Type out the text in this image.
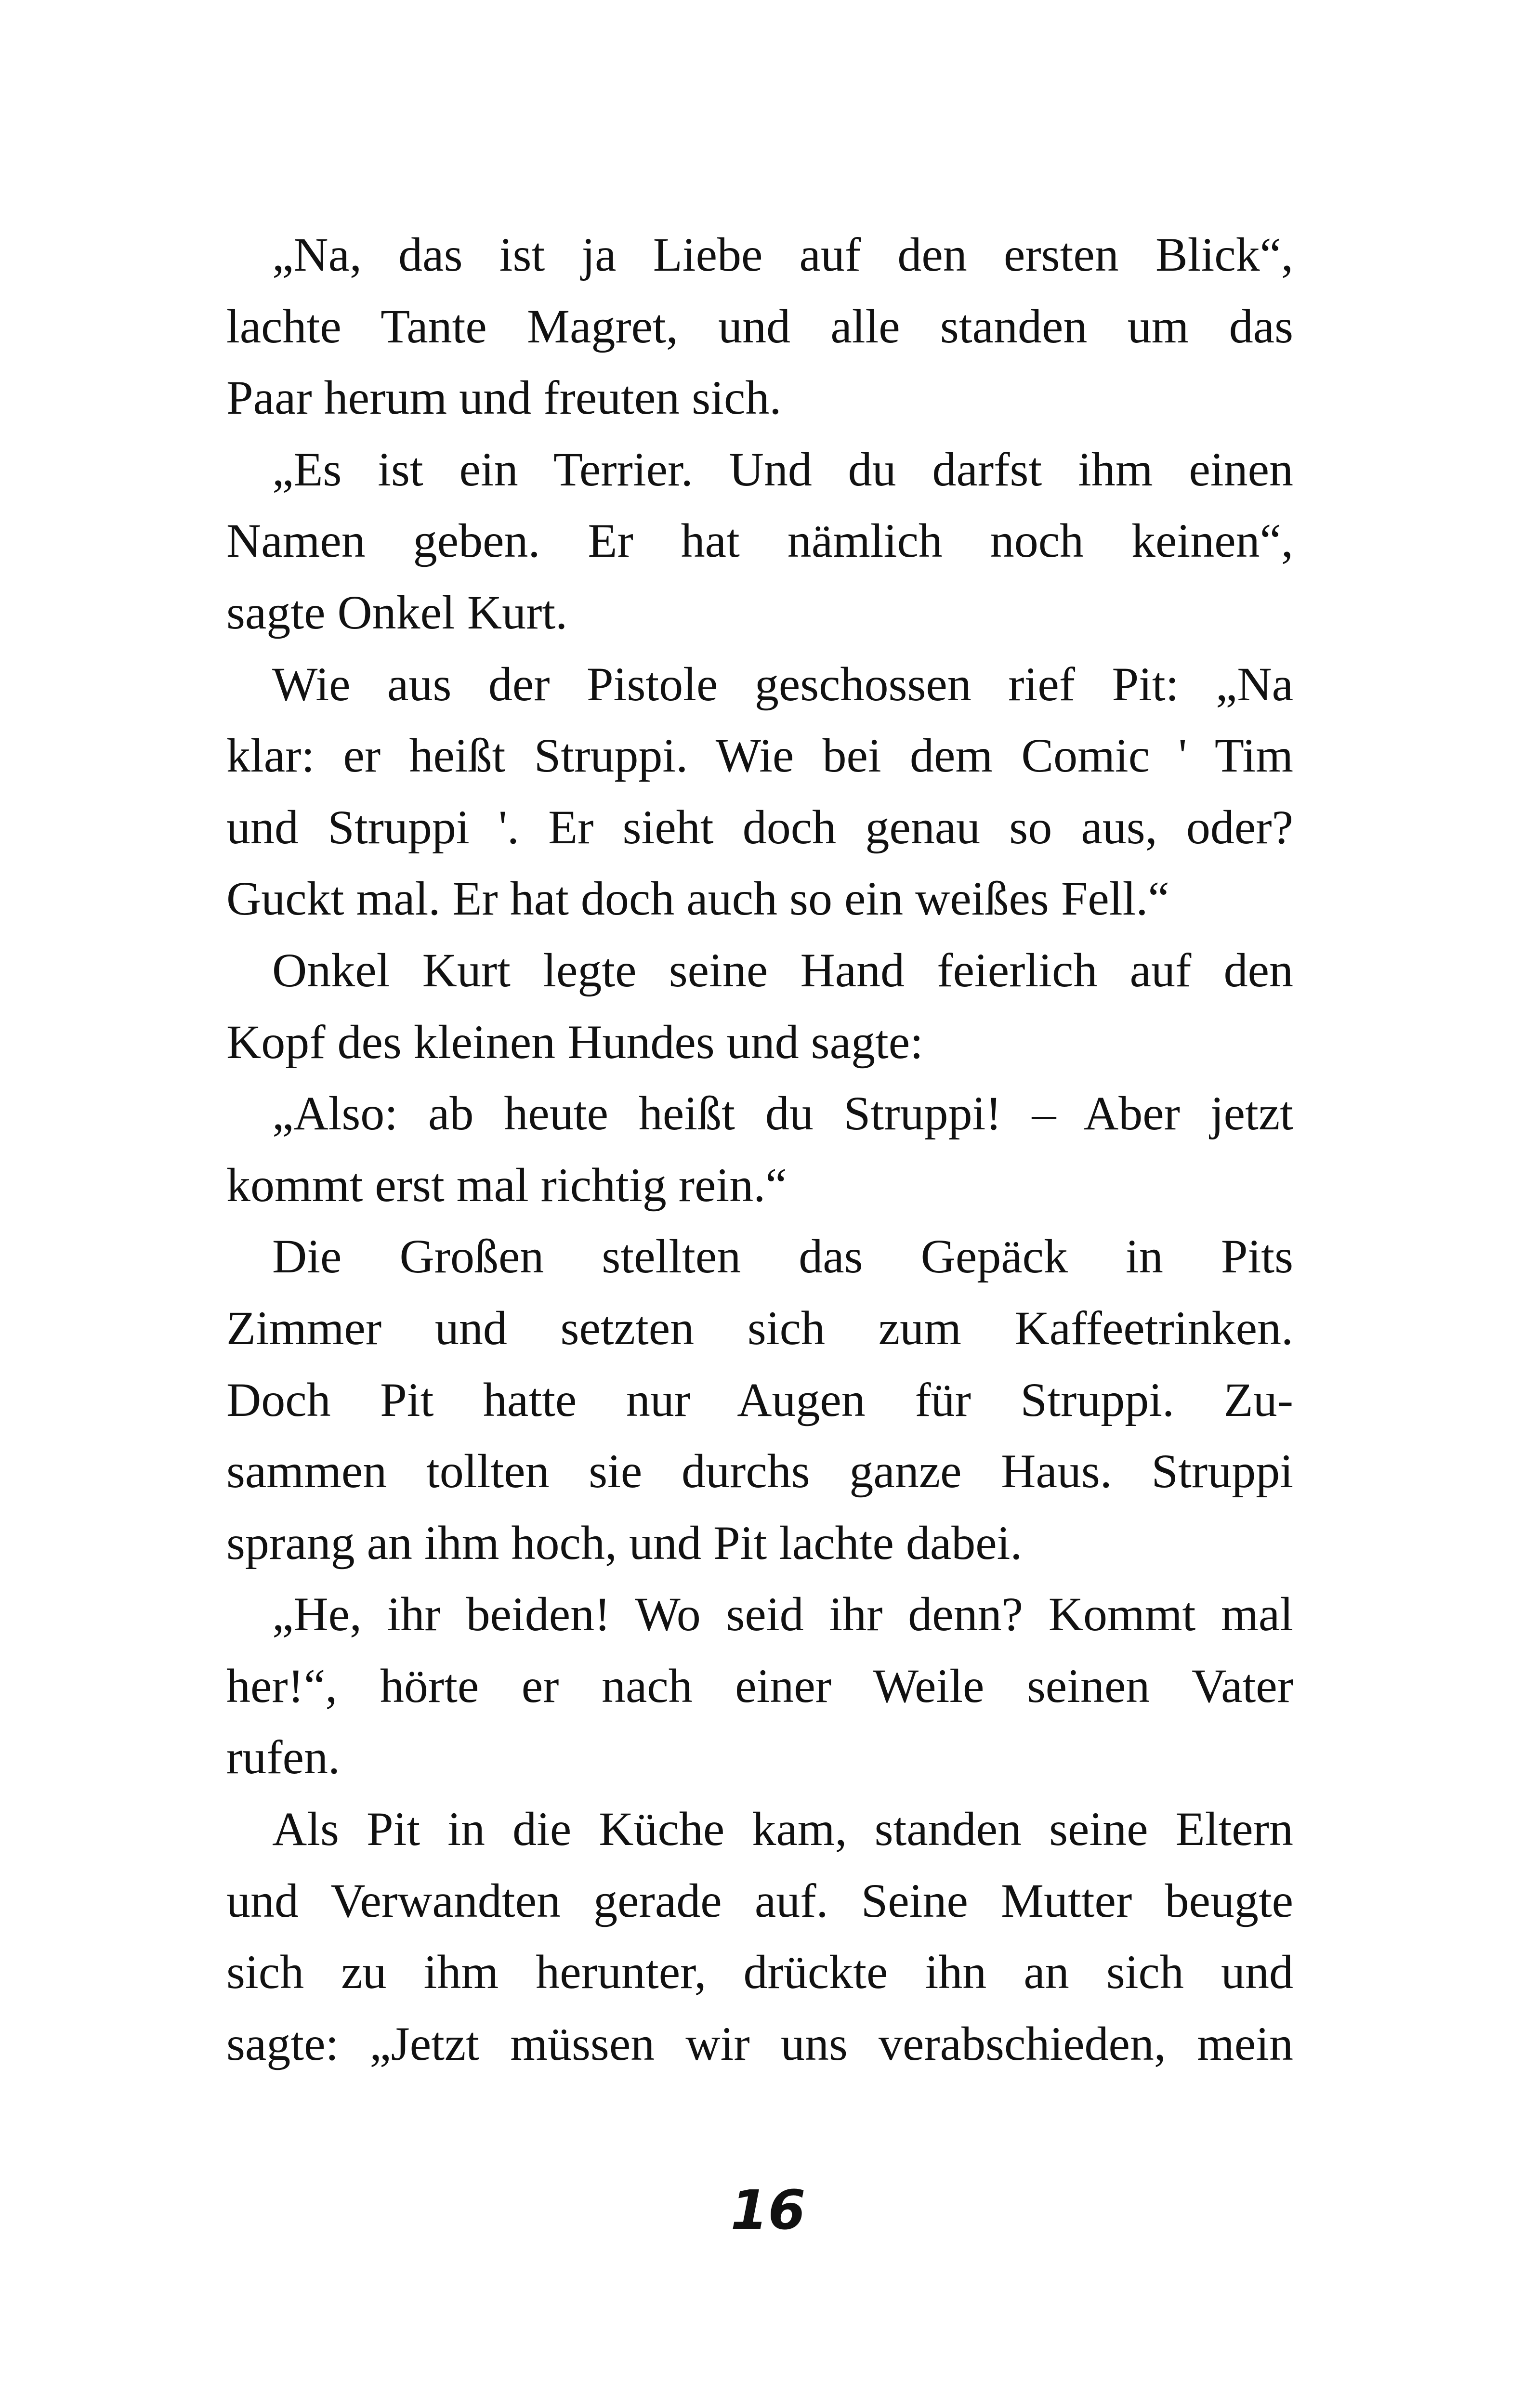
„Na, das ist ja Liebe auf den ersten Blick“,
lachte Tante Magret, und alle standen um das
Paar herum und freuten sich.

„Es ist ein Terrier. Und du darfst ihm einen
Namen geben. Er hat nämlich noch keinen“,
sagte Onkel Kurt.

Wie aus der Pistole geschossen rief Pit: „Na
klar: er heißt Struppi. Wie bei dem Comic ' Tim
und Struppi '. Er sieht doch genau so aus, oder?
Guckt mal. Er hat doch auch so ein weißes Fell.“

Onkel Kurt legte seine Hand feierlich auf den
Kopf des kleinen Hundes und sagte:

„Also: ab heute heißt du Struppi! – Aber jetzt
kommt erst mal richtig rein.“

Die Großen stellten das Gepäck in Pits
Zimmer und setzten sich zum Kaffeetrinken.
Doch Pit hatte nur Augen für Struppi. Zu-
sammen tollten sie durchs ganze Haus. Struppi
sprang an ihm hoch, und Pit lachte dabei.

„He, ihr beiden! Wo seid ihr denn? Kommt mal
her!“, hörte er nach einer Weile seinen Vater
rufen.

Als Pit in die Küche kam, standen seine Eltern
und Verwandten gerade auf. Seine Mutter beugte
sich zu ihm herunter, drückte ihn an sich und
sagte: „Jetzt müssen wir uns verabschieden, mein

16
